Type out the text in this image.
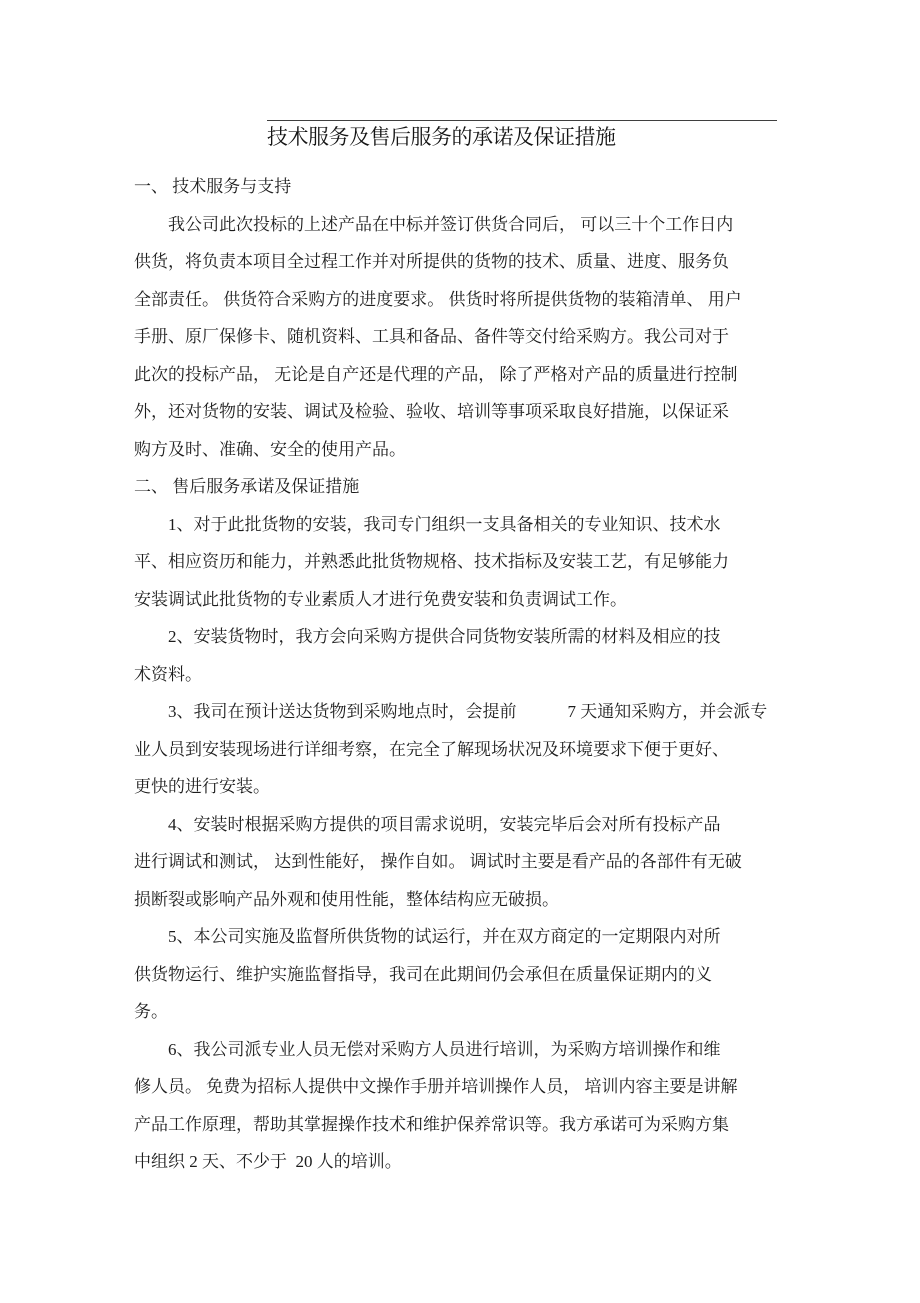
技术服务及售后服务的承诺及保证措施
一、 技术服务与支持
我公司此次投标的上述产品在中标并签订供货合同后， 可以三十个工作日内
供货，将负责本项目全过程工作并对所提供的货物的技术、质量、进度、服务负
全部责任。 供货符合采购方的进度要求。 供货时将所提供货物的装箱清单、 用户
手册、原厂保修卡、随机资料、工具和备品、备件等交付给采购方。我公司对于
此次的投标产品， 无论是自产还是代理的产品， 除了严格对产品的质量进行控制
外，还对货物的安装、调试及检验、验收、培训等事项采取良好措施，以保证采
购方及时、准确、安全的使用产品。
二、 售后服务承诺及保证措施
1、对于此批货物的安装，我司专门组织一支具备相关的专业知识、技术水
平、相应资历和能力，并熟悉此批货物规格、技术指标及安装工艺，有足够能力
安装调试此批货物的专业素质人才进行免费安装和负责调试工作。
2、安装货物时，我方会向采购方提供合同货物安装所需的材料及相应的技
术资料。
3、我司在预计送达货物到采购地点时，会提前　　　7 天通知采购方，并会派专
业人员到安装现场进行详细考察，在完全了解现场状况及环境要求下便于更好、
更快的进行安装。
4、安装时根据采购方提供的项目需求说明，安装完毕后会对所有投标产品
进行调试和测试， 达到性能好， 操作自如。 调试时主要是看产品的各部件有无破
损断裂或影响产品外观和使用性能，整体结构应无破损。
5、本公司实施及监督所供货物的试运行，并在双方商定的一定期限内对所
供货物运行、维护实施监督指导，我司在此期间仍会承但在质量保证期内的义
务。
6、我公司派专业人员无偿对采购方人员进行培训，为采购方培训操作和维
修人员。 免费为招标人提供中文操作手册并培训操作人员， 培训内容主要是讲解
产品工作原理，帮助其掌握操作技术和维护保养常识等。我方承诺可为采购方集
中组织 2 天、不少于  20 人的培训。
